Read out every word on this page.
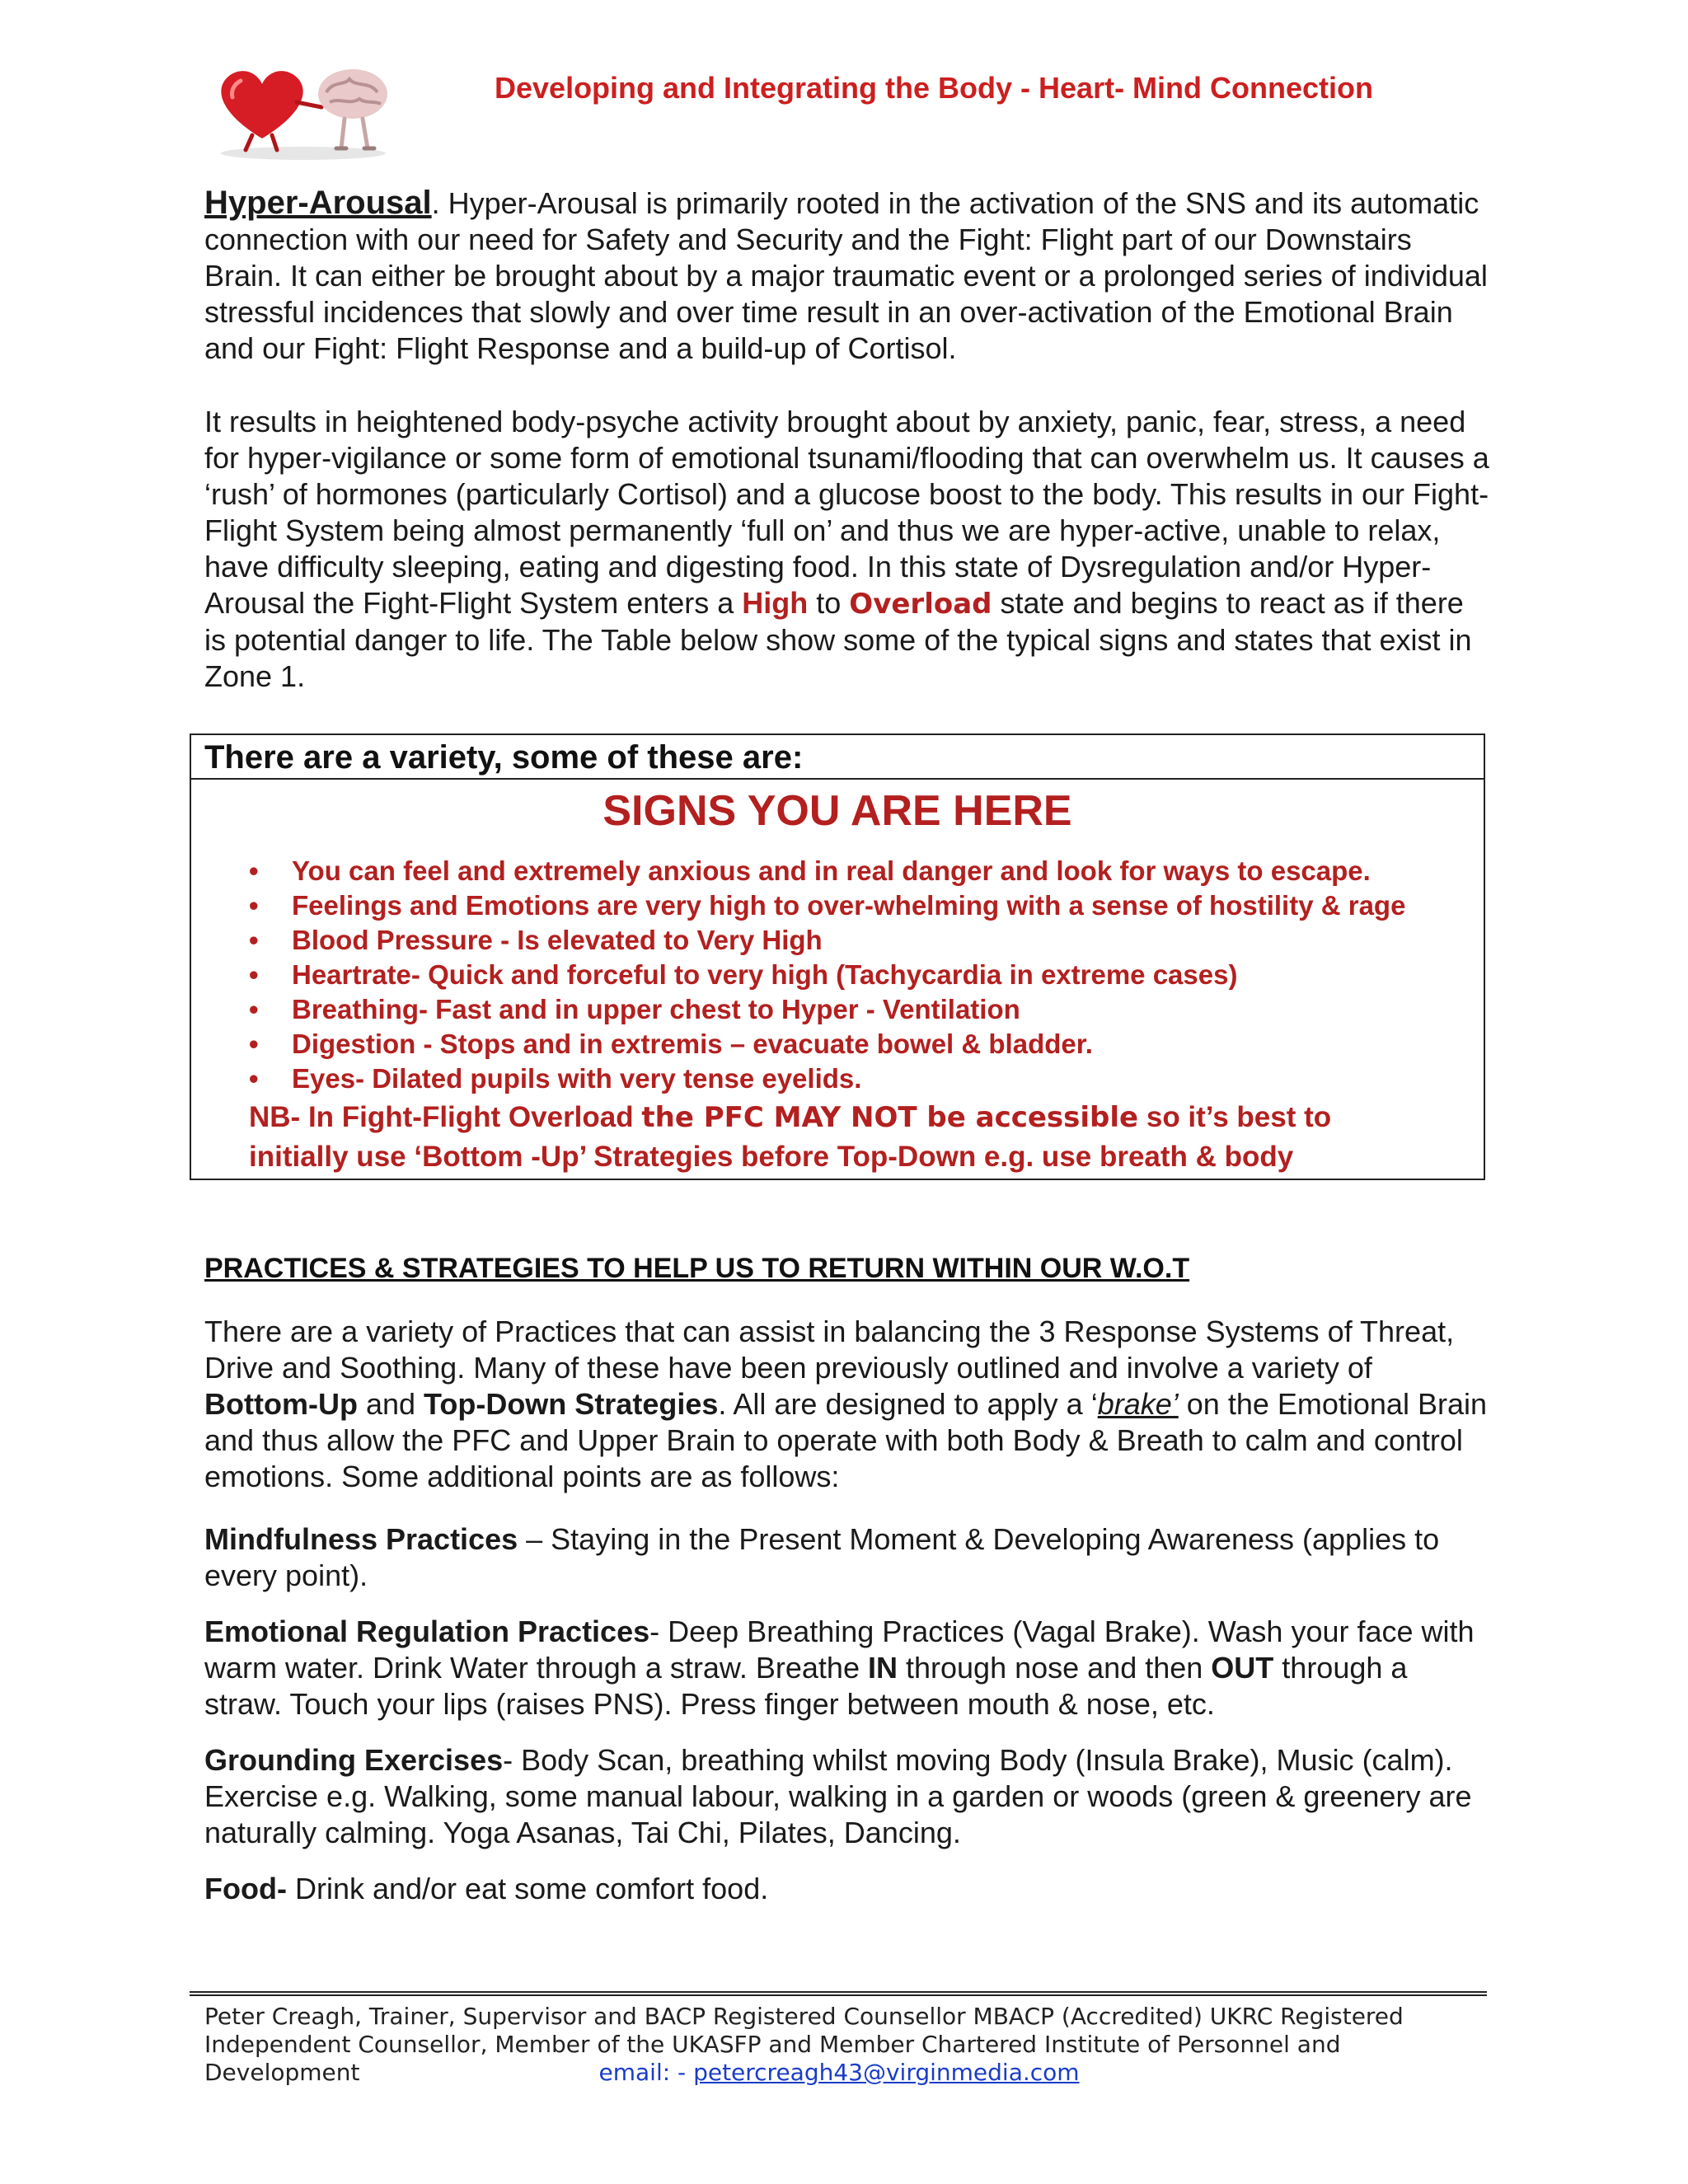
Developing and Integrating the Body - Heart- Mind Connection
Hyper-Arousal. Hyper-Arousal is primarily rooted in the activation of the SNS and its automatic connection with our need for Safety and Security and the Fight: Flight part of our Downstairs Brain. It can either be brought about by a major traumatic event or a prolonged series of individual stressful incidences that slowly and over time result in an over-activation of the Emotional Brain and our Fight: Flight Response and a build-up of Cortisol.
It results in heightened body-psyche activity brought about by anxiety, panic, fear, stress, a need for hyper-vigilance or some form of emotional tsunami/flooding that can overwhelm us. It causes a ‘rush’ of hormones (particularly Cortisol) and a glucose boost to the body. This results in our Fight-Flight System being almost permanently ‘full on’ and thus we are hyper-active, unable to relax, have difficulty sleeping, eating and digesting food. In this state of Dysregulation and/or Hyper-Arousal the Fight-Flight System enters a High to Overload state and begins to react as if there is potential danger to life. The Table below show some of the typical signs and states that exist in Zone 1.
There are a variety, some of these are:
SIGNS YOU ARE HERE
• You can feel and extremely anxious and in real danger and look for ways to escape.
• Feelings and Emotions are very high to over-whelming with a sense of hostility & rage
• Blood Pressure - Is elevated to Very High
• Heartrate- Quick and forceful to very high (Tachycardia in extreme cases)
• Breathing- Fast and in upper chest to Hyper - Ventilation
• Digestion - Stops and in extremis – evacuate bowel & bladder.
• Eyes- Dilated pupils with very tense eyelids.
NB- In Fight-Flight Overload the PFC MAY NOT be accessible so it’s best to
initially use ‘Bottom -Up’ Strategies before Top-Down e.g. use breath & body
PRACTICES & STRATEGIES TO HELP US TO RETURN WITHIN OUR W.O.T
There are a variety of Practices that can assist in balancing the 3 Response Systems of Threat, Drive and Soothing. Many of these have been previously outlined and involve a variety of Bottom-Up and Top-Down Strategies. All are designed to apply a ‘brake’ on the Emotional Brain and thus allow the PFC and Upper Brain to operate with both Body & Breath to calm and control emotions. Some additional points are as follows:
Mindfulness Practices – Staying in the Present Moment & Developing Awareness (applies to every point).
Emotional Regulation Practices- Deep Breathing Practices (Vagal Brake). Wash your face with warm water. Drink Water through a straw. Breathe IN through nose and then OUT through a straw. Touch your lips (raises PNS). Press finger between mouth & nose, etc.
Grounding Exercises- Body Scan, breathing whilst moving Body (Insula Brake), Music (calm). Exercise e.g. Walking, some manual labour, walking in a garden or woods (green & greenery are naturally calming. Yoga Asanas, Tai Chi, Pilates, Dancing.
Food- Drink and/or eat some comfort food.
Peter Creagh, Trainer, Supervisor and BACP Registered Counsellor MBACP (Accredited) UKRC Registered
Independent Counsellor, Member of the UKASFP and Member Chartered Institute of Personnel and
Development	email: - petercreagh43@virginmedia.com
